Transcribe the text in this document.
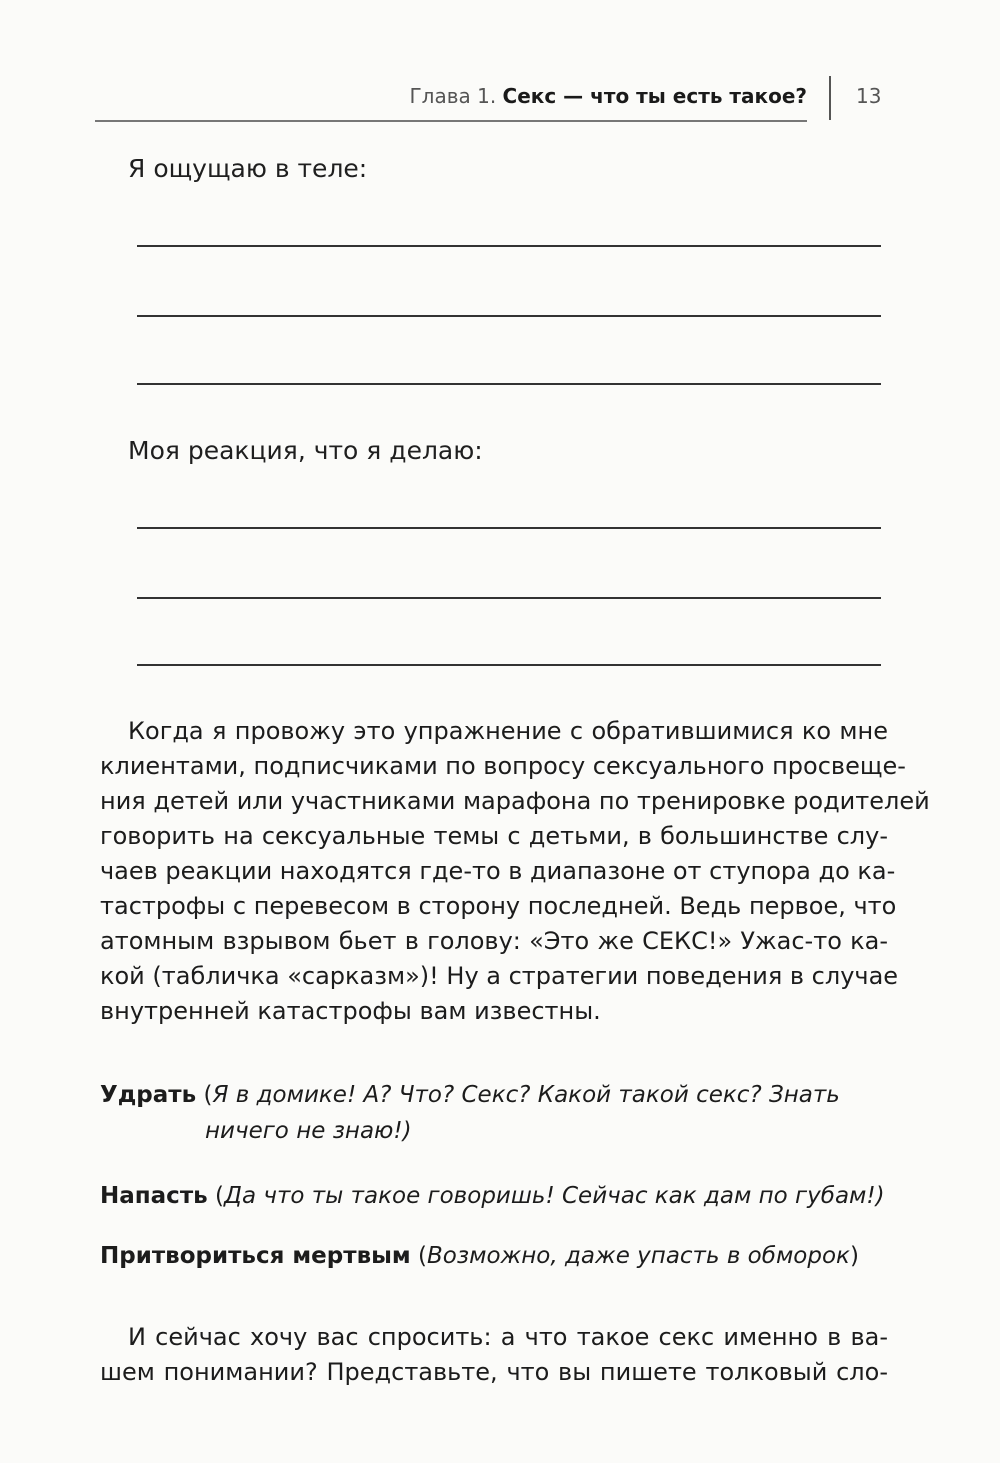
Глава 1. Секс — что ты есть такое? 13
Я ощущаю в теле:
Моя реакция, что я делаю:
Когда я провожу это упражнение с обратившимися ко мне
клиентами, подписчиками по вопросу сексуального просвеще-
ния детей или участниками марафона по тренировке родителей
говорить на сексуальные темы с детьми, в большинстве слу-
чаев реакции находятся где-то в диапазоне от ступора до ка-
тастрофы с перевесом в сторону последней. Ведь первое, что
атомным взрывом бьет в голову: «Это же СЕКС!» Ужас-то ка-
кой (табличка «сарказм»)! Ну а стратегии поведения в случае
внутренней катастрофы вам известны.
Удрать (Я в домике! А? Что? Секс? Какой такой секс? Знать
ничего не знаю!)
Напасть (Да что ты такое говоришь! Сейчас как дам по губам!)
Притвориться мертвым (Возможно, даже упасть в обморок)
И сейчас хочу вас спросить: а что такое секс именно в ва-
шем понимании? Представьте, что вы пишете толковый сло-
